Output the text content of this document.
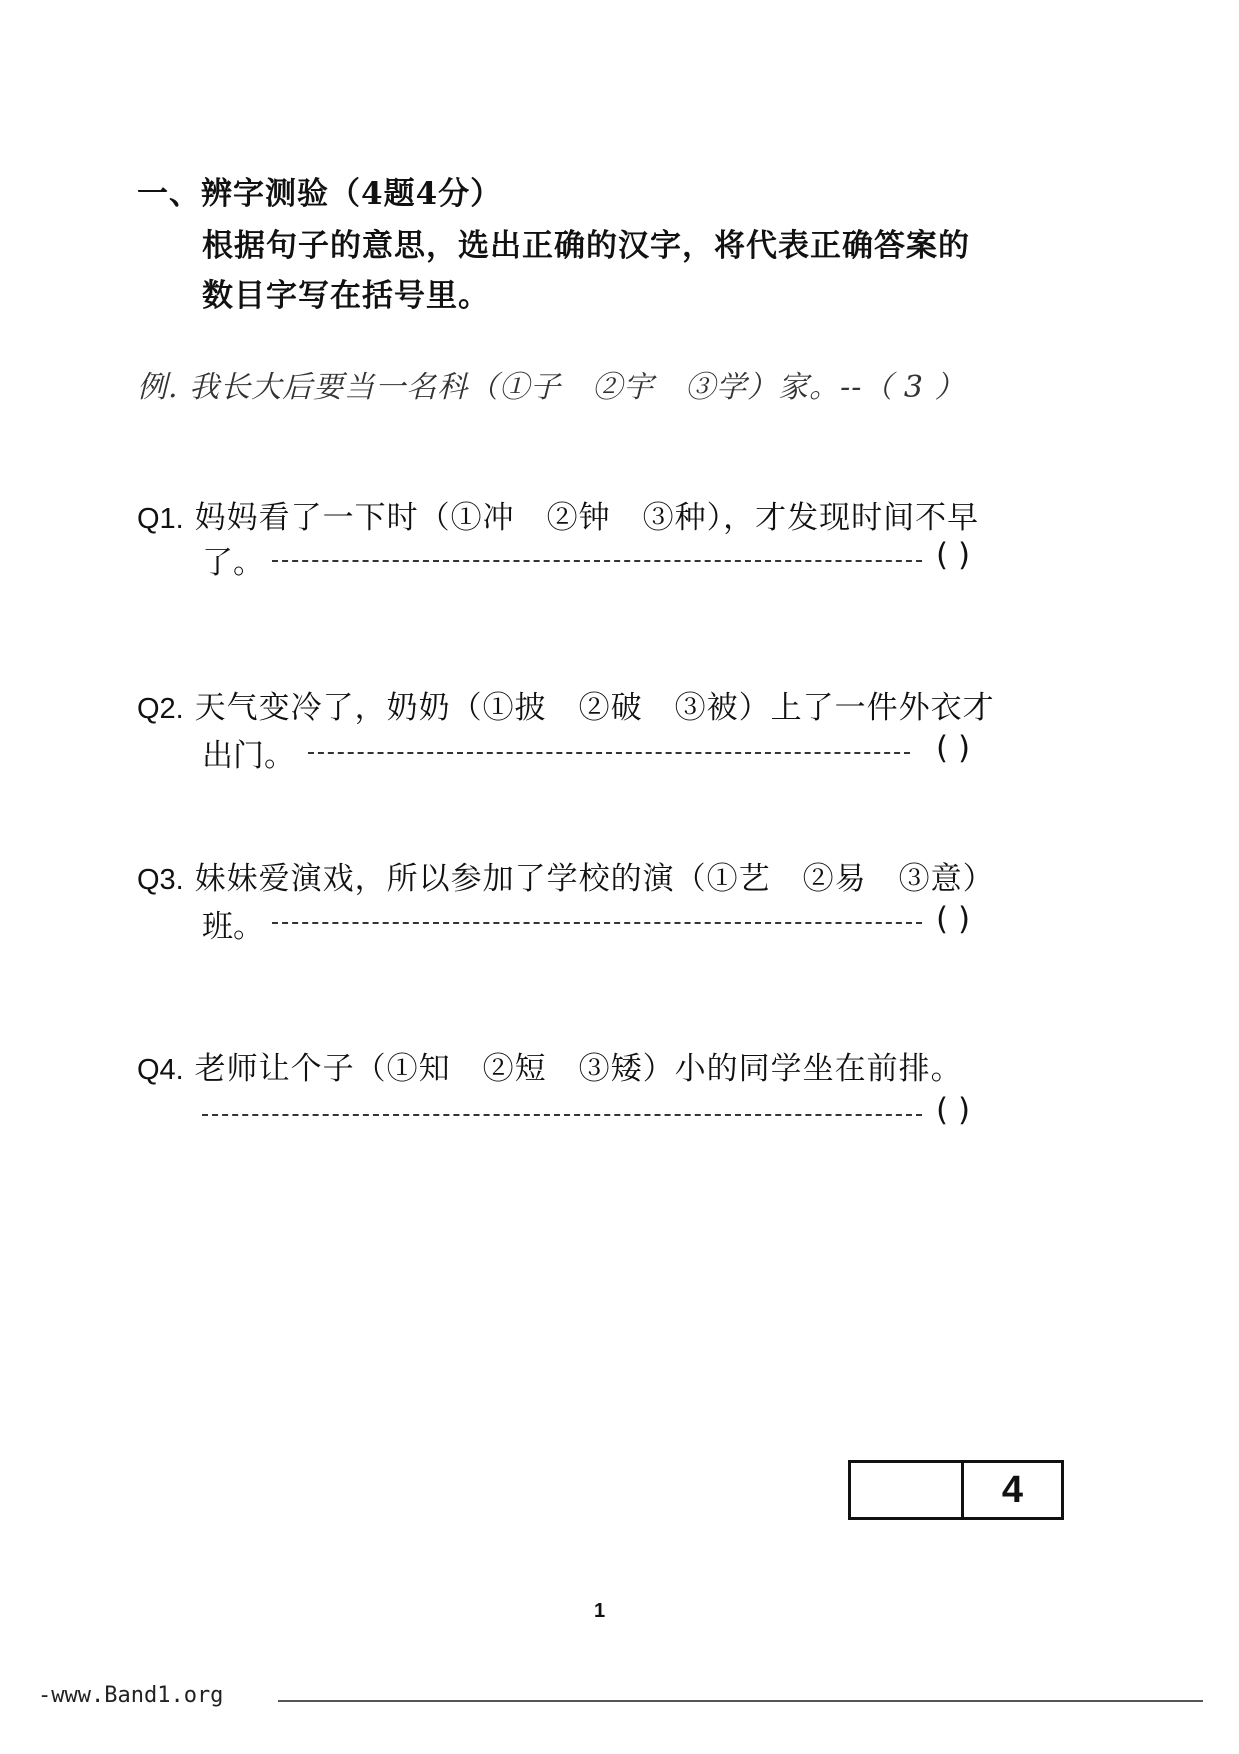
一、辨字测验（4题4分）
根据句子的意思，选出正确的汉字，将代表正确答案的
数目字写在括号里。
例. 我长大后要当一名科（①子　②宇　③学）家。--（ 3 ）
Q1. 妈妈看了一下时（①冲　②钟　③种），才发现时间不早
了。	( )
Q2. 天气变冷了，奶奶（①披　②破　③被）上了一件外衣才
出门。	( )
Q3. 妹妹爱演戏，所以参加了学校的演（①艺　②易　③意）
班。	( )
Q4. 老师让个子（①知　②短　③矮）小的同学坐在前排。
( )
4
1
-www.Band1.org
